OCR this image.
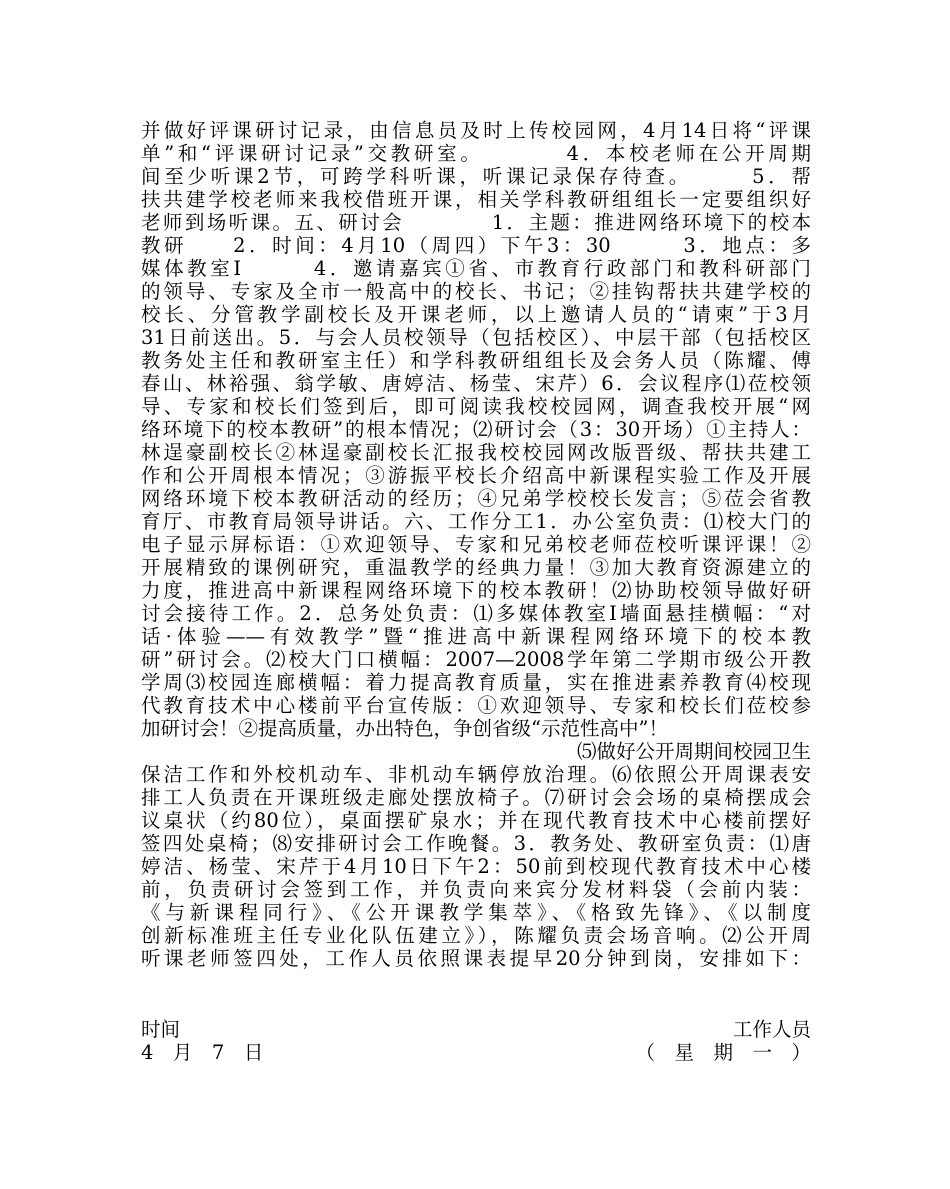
并做好评课研讨记录，由信息员及时上传校园网，4月14日将“评课
单”和“评课研讨记录”交教研室。　　　　4．本校老师在公开周期
间至少听课2节，可跨学科听课，听课记录保存待查。　　　5．帮
扶共建学校老师来我校借班开课，相关学科教研组组长一定要组织好
老师到场听课。五、研讨会　　　　1．主题：推进网络环境下的校本
教研　　2．时间：4月10（周四）下午3：30　　　3．地点：多
媒体教室Ⅰ　　　4．邀请嘉宾①省、市教育行政部门和教科研部门
的领导、专家及全市一般高中的校长、书记；②挂钩帮扶共建学校的
校长、分管教学副校长及开课老师，以上邀请人员的“请柬”于3月
31日前送出。5．与会人员校领导（包括校区）、中层干部（包括校区
教务处主任和教研室主任）和学科教研组组长及会务人员（陈耀、傅
春山、林裕强、翁学敏、唐婷洁、杨莹、宋芹）6．会议程序⑴莅校领
导、专家和校长们签到后，即可阅读我校校园网，调查我校开展“网
络环境下的校本教研”的根本情况；⑵研讨会（3：30开场）①主持人：
林逞豪副校长②林逞豪副校长汇报我校校园网改版晋级、帮扶共建工
作和公开周根本情况；③游振平校长介绍高中新课程实验工作及开展
网络环境下校本教研活动的经历；④兄弟学校校长发言；⑤莅会省教
育厅、市教育局领导讲话。六、工作分工1．办公室负责：⑴校大门的
电子显示屏标语：①欢迎领导、专家和兄弟校老师莅校听课评课！②
开展精致的课例研究，重温教学的经典力量！③加大教育资源建立的
力度，推进高中新课程网络环境下的校本教研！⑵协助校领导做好研
讨会接待工作。2．总务处负责：⑴多媒体教室Ⅰ墙面悬挂横幅：“对
话·体验——有效教学”暨“推进高中新课程网络环境下的校本教
研”研讨会。⑵校大门口横幅：2007—2008学年第二学期市级公开教
学周⑶校园连廊横幅：着力提高教育质量，实在推进素养教育⑷校现
代教育技术中心楼前平台宣传版：①欢迎领导、专家和校长们莅校参
加研讨会！②提高质量，办出特色，争创省级“示范性高中”！
⑸做好公开周期间校园卫生
保洁工作和外校机动车、非机动车辆停放治理。⑹依照公开周课表安
排工人负责在开课班级走廊处摆放椅子。⑺研讨会会场的桌椅摆成会
议桌状（约80位），桌面摆矿泉水；并在现代教育技术中心楼前摆好
签四处桌椅；⑻安排研讨会工作晚餐。3．教务处、教研室负责：⑴唐
婷洁、杨莹、宋芹于4月10日下午2：50前到校现代教育技术中心楼
前，负责研讨会签到工作，并负责向来宾分发材料袋（会前内装：
《与新课程同行》、《公开课教学集萃》、《格致先锋》、《以制度
创新标准班主任专业化队伍建立》），陈耀负责会场音响。⑵公开周
听课老师签四处，工作人员依照课表提早20分钟到岗，安排如下：
时间	工作人员
4　月　7　日	（　星　期　一　）
